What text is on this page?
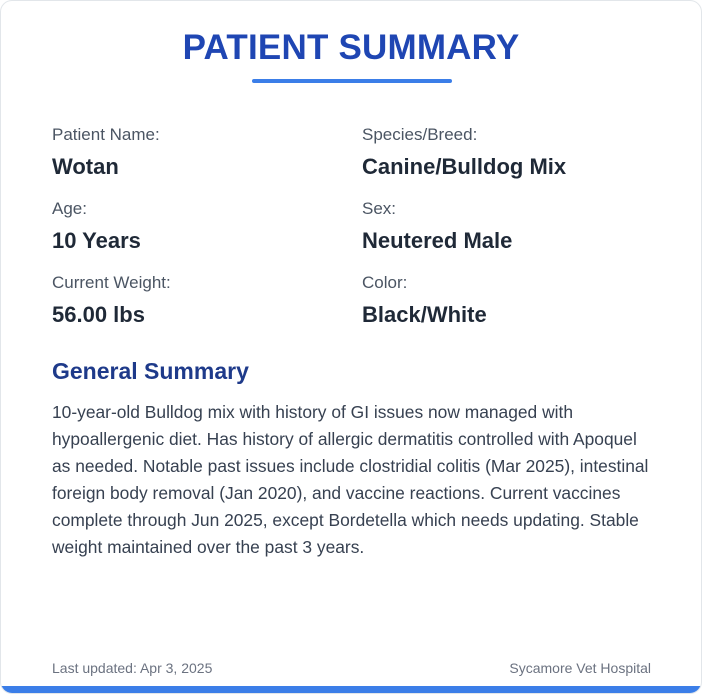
PATIENT SUMMARY
Patient Name:
Wotan
Species/Breed:
Canine/Bulldog Mix
Age:
10 Years
Sex:
Neutered Male
Current Weight:
56.00 lbs
Color:
Black/White
General Summary
10-year-old Bulldog mix with history of GI issues now managed with hypoallergenic diet. Has history of allergic dermatitis controlled with Apoquel as needed. Notable past issues include clostridial colitis (Mar 2025), intestinal foreign body removal (Jan 2020), and vaccine reactions. Current vaccines complete through Jun 2025, except Bordetella which needs updating. Stable weight maintained over the past 3 years.
Last updated: Apr 3, 2025	Sycamore Vet Hospital
